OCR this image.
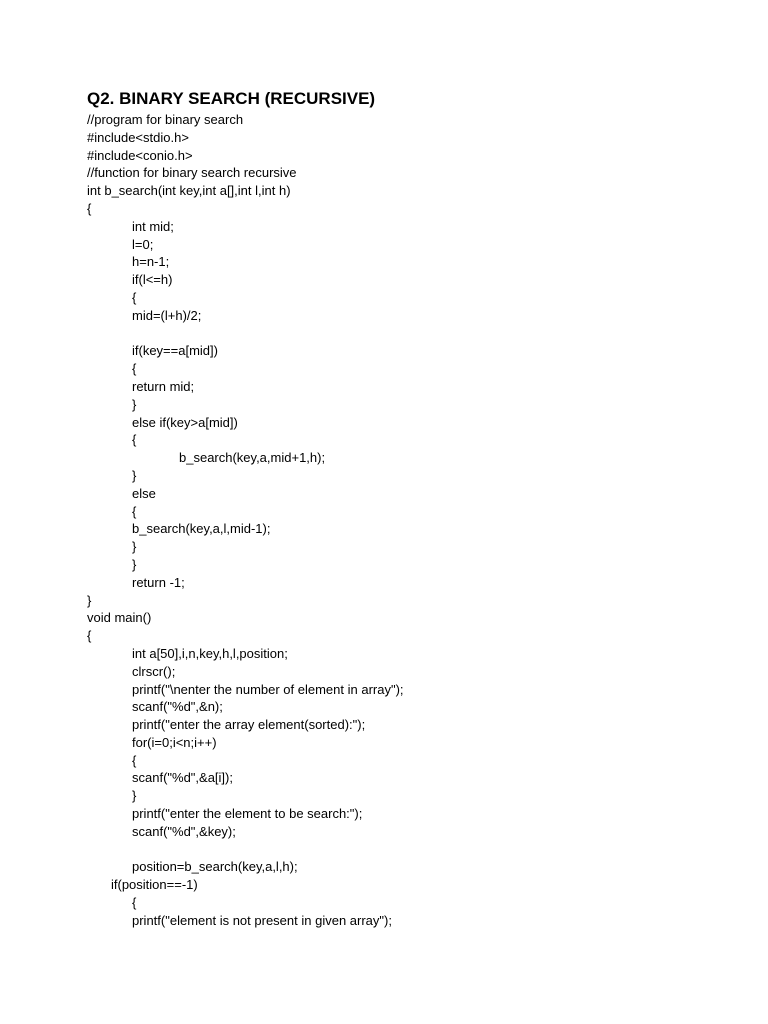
Q2. BINARY SEARCH (RECURSIVE)
//program for binary search
#include<stdio.h>
#include<conio.h>
//function for binary search recursive
int b_search(int key,int a[],int l,int h)
{
int mid;
l=0;
h=n-1;
if(l<=h)
{
mid=(l+h)/2;
if(key==a[mid])
{
return mid;
}
else if(key>a[mid])
{
b_search(key,a,mid+1,h);
}
else
{
b_search(key,a,l,mid-1);
}
}
return -1;
}
void main()
{
int a[50],i,n,key,h,l,position;
clrscr();
printf("\nenter the number of element in array");
scanf("%d",&n);
printf("enter the array element(sorted):");
for(i=0;i<n;i++)
{
scanf("%d",&a[i]);
}
printf("enter the element to be search:");
scanf("%d",&key);
position=b_search(key,a,l,h);
if(position==-1)
{
printf("element is not present in given array");
